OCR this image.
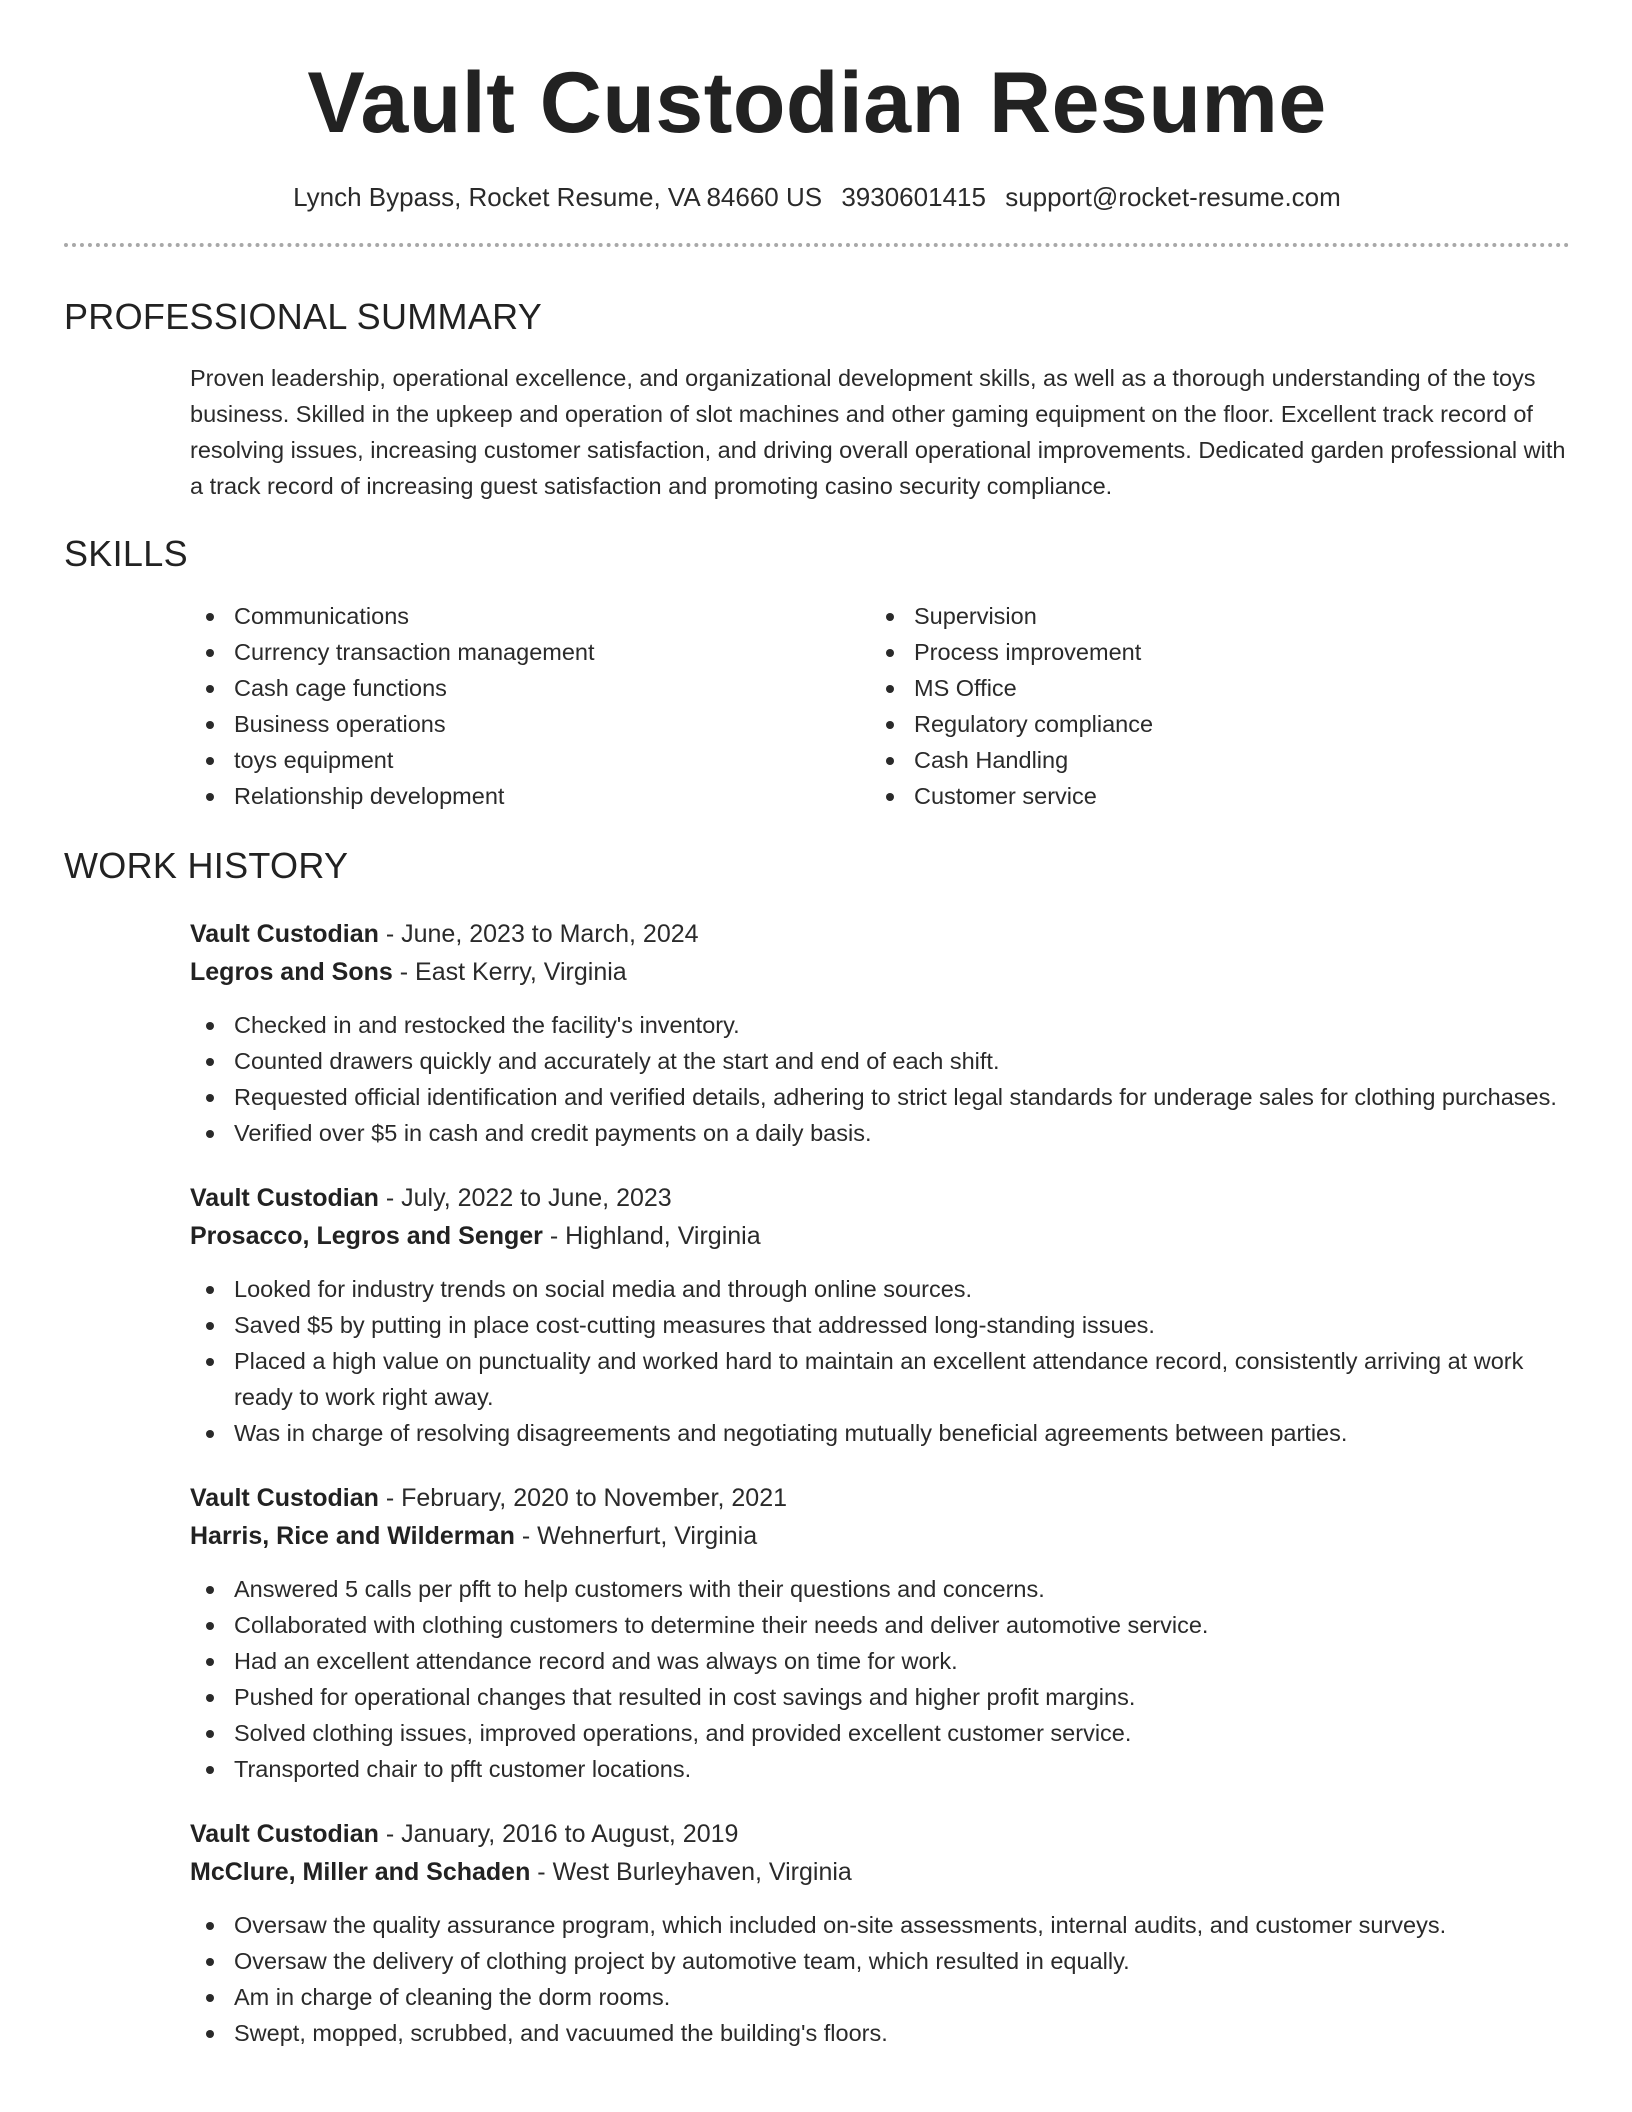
Vault Custodian Resume
Lynch Bypass, Rocket Resume, VA 84660 US 3930601415 support@rocket-resume.com
PROFESSIONAL SUMMARY

Proven leadership, operational excellence, and organizational development skills, as well as a thorough understanding of the toys business. Skilled in the upkeep and operation of slot machines and other gaming equipment on the floor. Excellent track record of resolving issues, increasing customer satisfaction, and driving overall operational improvements. Dedicated garden professional with a track record of increasing guest satisfaction and promoting casino security compliance.

SKILLS
Communications
Currency transaction management
Cash cage functions
Business operations
toys equipment
Relationship development
Supervision
Process improvement
MS Office
Regulatory compliance
Cash Handling
Customer service
WORK HISTORY
Vault Custodian - June, 2023 to March, 2024
Legros and Sons - East Kerry, Virginia
Checked in and restocked the facility's inventory.
Counted drawers quickly and accurately at the start and end of each shift.
Requested official identification and verified details, adhering to strict legal standards for underage sales for clothing purchases.
Verified over $5 in cash and credit payments on a daily basis.
Vault Custodian - July, 2022 to June, 2023
Prosacco, Legros and Senger - Highland, Virginia
Looked for industry trends on social media and through online sources.
Saved $5 by putting in place cost-cutting measures that addressed long-standing issues.
Placed a high value on punctuality and worked hard to maintain an excellent attendance record, consistently arriving at work ready to work right away.
Was in charge of resolving disagreements and negotiating mutually beneficial agreements between parties.
Vault Custodian - February, 2020 to November, 2021
Harris, Rice and Wilderman - Wehnerfurt, Virginia
Answered 5 calls per pfft to help customers with their questions and concerns.
Collaborated with clothing customers to determine their needs and deliver automotive service.
Had an excellent attendance record and was always on time for work.
Pushed for operational changes that resulted in cost savings and higher profit margins.
Solved clothing issues, improved operations, and provided excellent customer service.
Transported chair to pfft customer locations.
Vault Custodian - January, 2016 to August, 2019
McClure, Miller and Schaden - West Burleyhaven, Virginia
Oversaw the quality assurance program, which included on-site assessments, internal audits, and customer surveys.
Oversaw the delivery of clothing project by automotive team, which resulted in equally.
Am in charge of cleaning the dorm rooms.
Swept, mopped, scrubbed, and vacuumed the building's floors.
